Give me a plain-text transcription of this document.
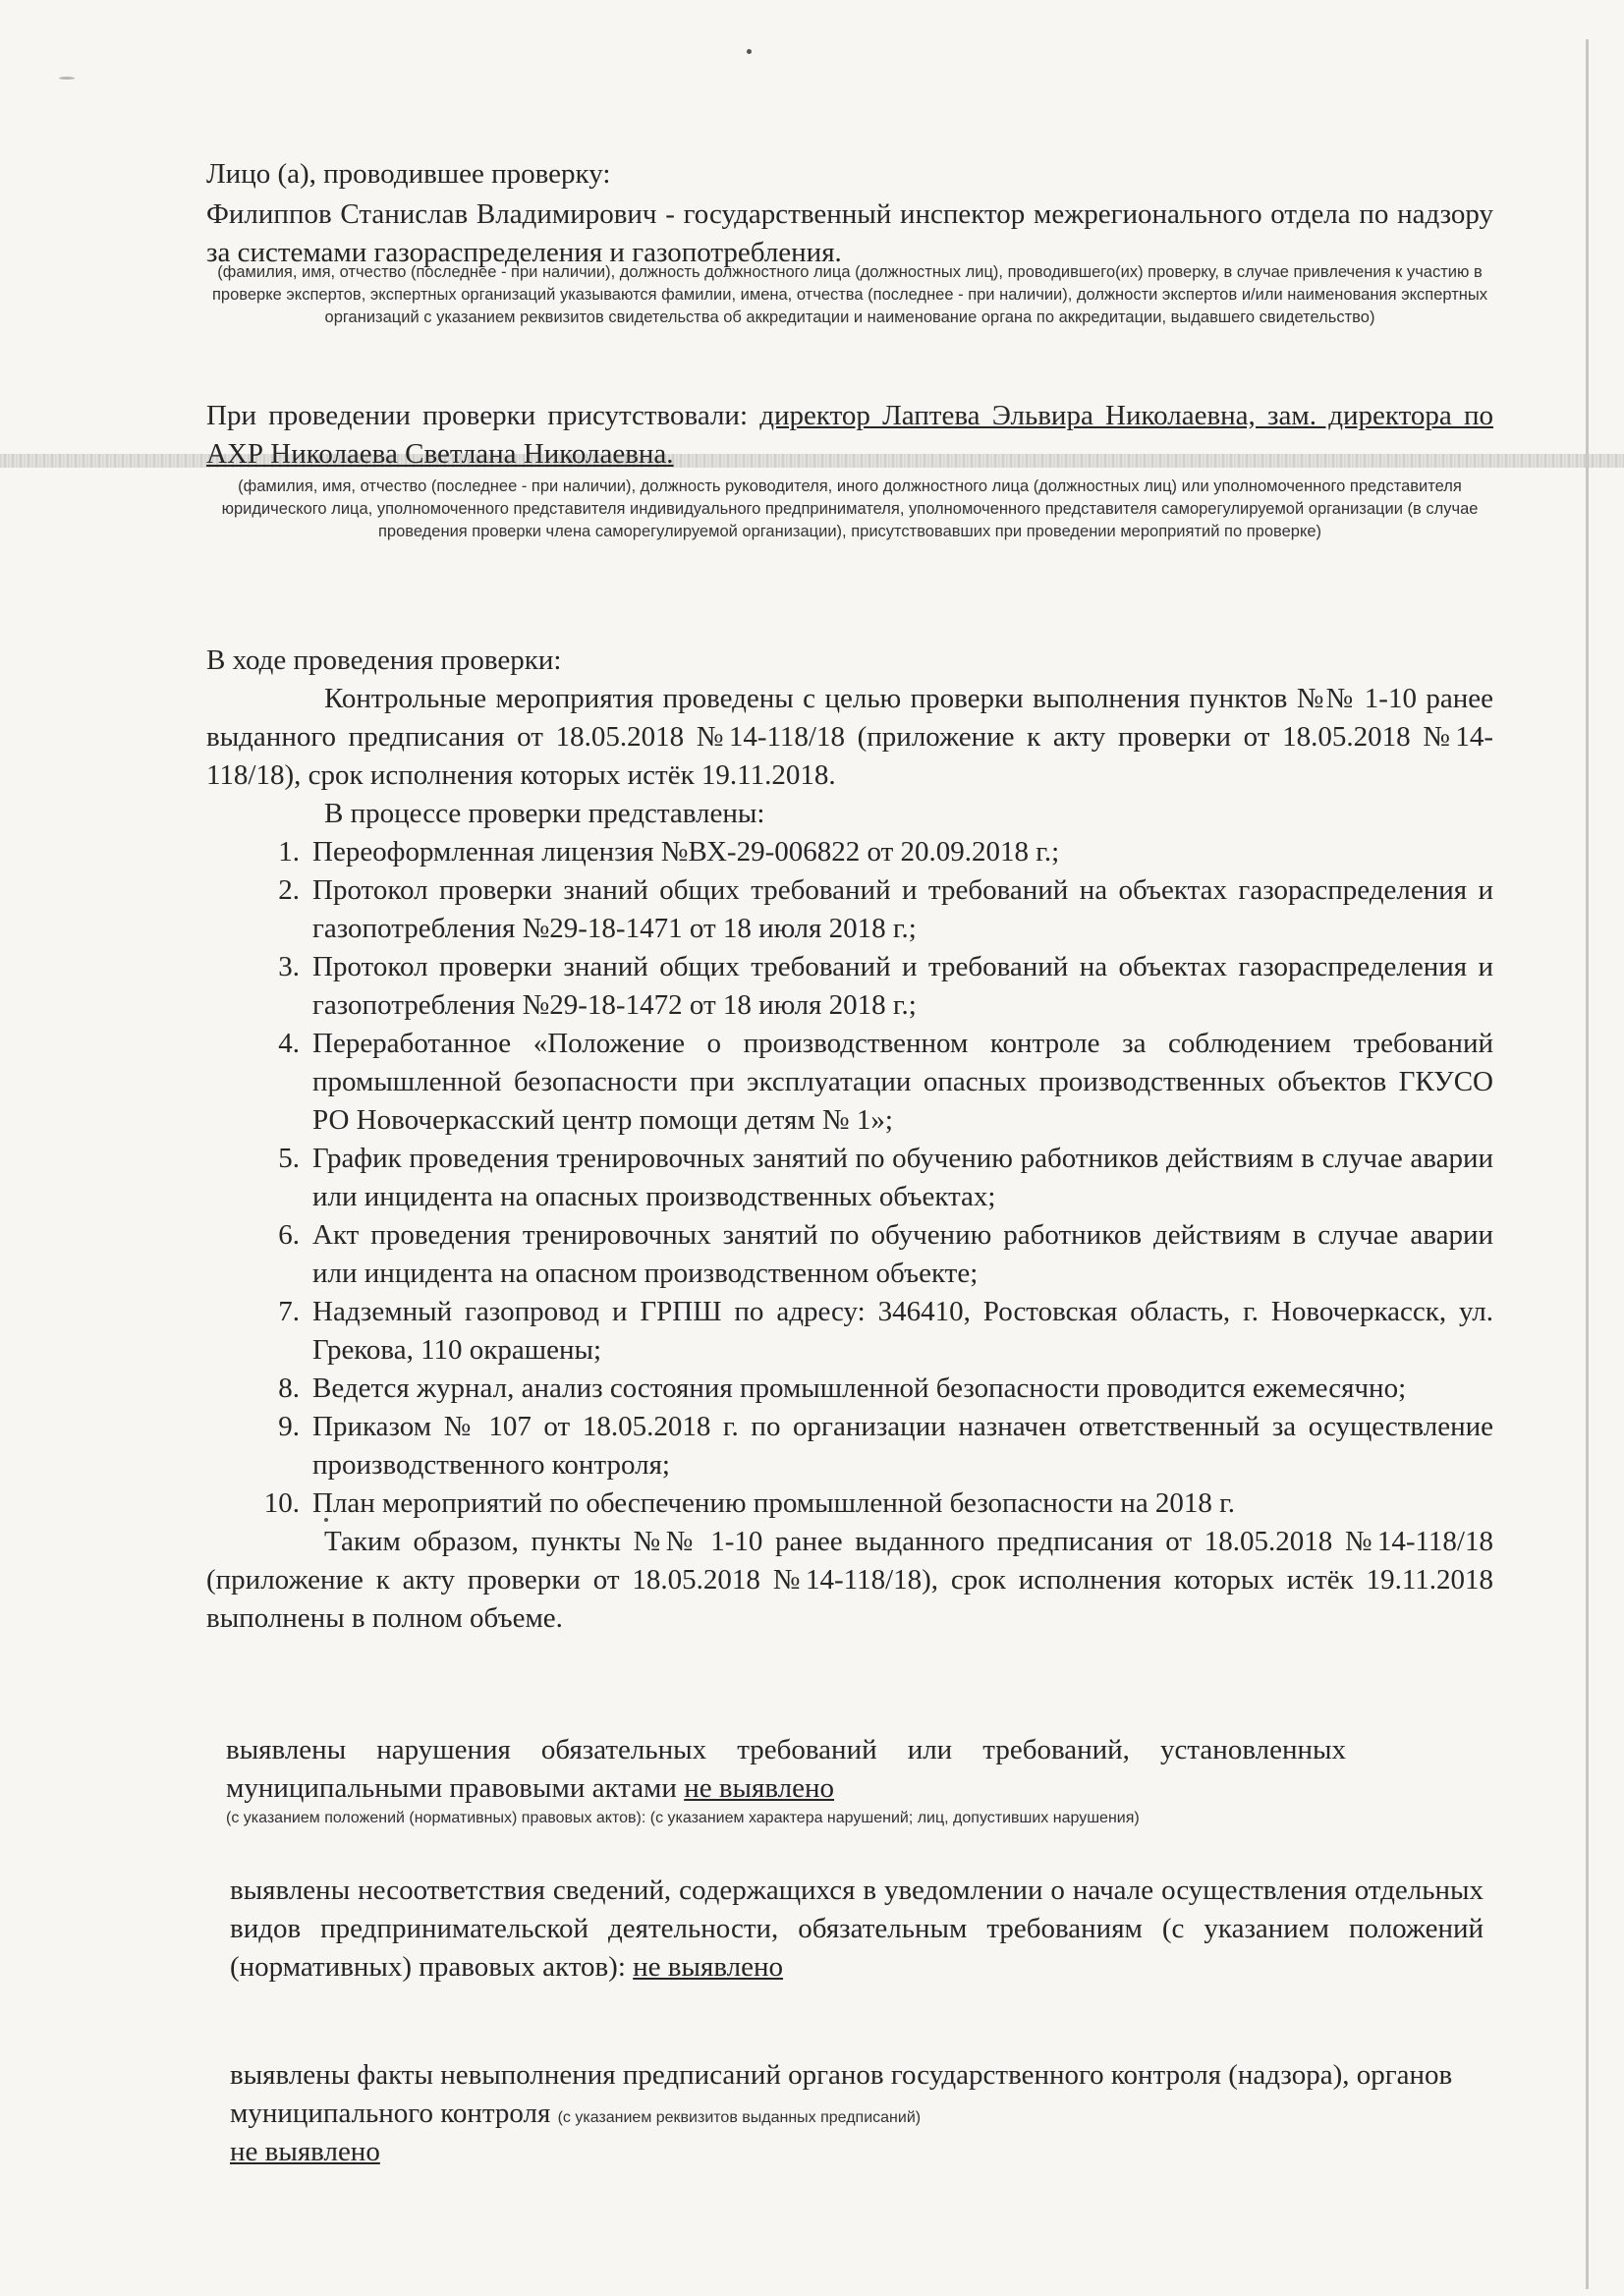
Лицо (а), проводившее проверку:
Филиппов Станислав Владимирович - государственный инспектор межрегионального отдела по надзору за системами газораспределения и газопотребления.
(фамилия, имя, отчество (последнее - при наличии), должность должностного лица (должностных лиц), проводившего(их) проверку, в случае привлечения к участию в проверке экспертов, экспертных организаций указываются фамилии, имена, отчества (последнее - при наличии), должности экспертов и/или наименования экспертных организаций с указанием реквизитов свидетельства об аккредитации и наименование органа по аккредитации, выдавшего свидетельство)
При проведении проверки присутствовали: директор Лаптева Эльвира Николаевна, зам. директора по АХР Николаева Светлана Николаевна.
(фамилия, имя, отчество (последнее - при наличии), должность руководителя, иного должностного лица (должностных лиц) или уполномоченного представителя юридического лица, уполномоченного представителя индивидуального предпринимателя, уполномоченного представителя саморегулируемой организации (в случае проведения проверки члена саморегулируемой организации), присутствовавших при проведении мероприятий по проверке)
В ходе проведения проверки:
Контрольные мероприятия проведены с целью проверки выполнения пунктов №№ 1-10 ранее выданного предписания от 18.05.2018 №14-118/18 (приложение к акту проверки от 18.05.2018 №14-118/18), срок исполнения которых истёк 19.11.2018.
В процессе проверки представлены:
1. Переоформленная лицензия №ВХ-29-006822 от 20.09.2018 г.;
2. Протокол проверки знаний общих требований и требований на объектах газораспределения и газопотребления №29-18-1471 от 18 июля 2018 г.;
3. Протокол проверки знаний общих требований и требований на объектах газораспределения и газопотребления №29-18-1472 от 18 июля 2018 г.;
4. Переработанное «Положение о производственном контроле за соблюдением требований промышленной безопасности при эксплуатации опасных производственных объектов ГКУСО РО Новочеркасский центр помощи детям № 1»;
5. График проведения тренировочных занятий по обучению работников действиям в случае аварии или инцидента на опасных производственных объектах;
6. Акт проведения тренировочных занятий по обучению работников действиям в случае аварии или инцидента на опасном производственном объекте;
7. Надземный газопровод и ГРПШ по адресу: 346410, Ростовская область, г. Новочеркасск, ул. Грекова, 110 окрашены;
8. Ведется журнал, анализ состояния промышленной безопасности проводится ежемесячно;
9. Приказом № 107 от 18.05.2018 г. по организации назначен ответственный за осуществление производственного контроля;
10. План мероприятий по обеспечению промышленной безопасности на 2018 г.
Таким образом, пункты №№ 1-10 ранее выданного предписания от 18.05.2018 №14-118/18 (приложение к акту проверки от 18.05.2018 №14-118/18), срок исполнения которых истёк 19.11.2018 выполнены в полном объеме.
выявлены нарушения обязательных требований или требований, установленных муниципальными правовыми актами не выявлено
(с указанием положений (нормативных) правовых актов): (с указанием характера нарушений; лиц, допустивших нарушения)
выявлены несоответствия сведений, содержащихся в уведомлении о начале осуществления отдельных видов предпринимательской деятельности, обязательным требованиям (с указанием положений (нормативных) правовых актов): не выявлено
выявлены факты невыполнения предписаний органов государственного контроля (надзора), органов муниципального контроля (с указанием реквизитов выданных предписаний)
не выявлено
